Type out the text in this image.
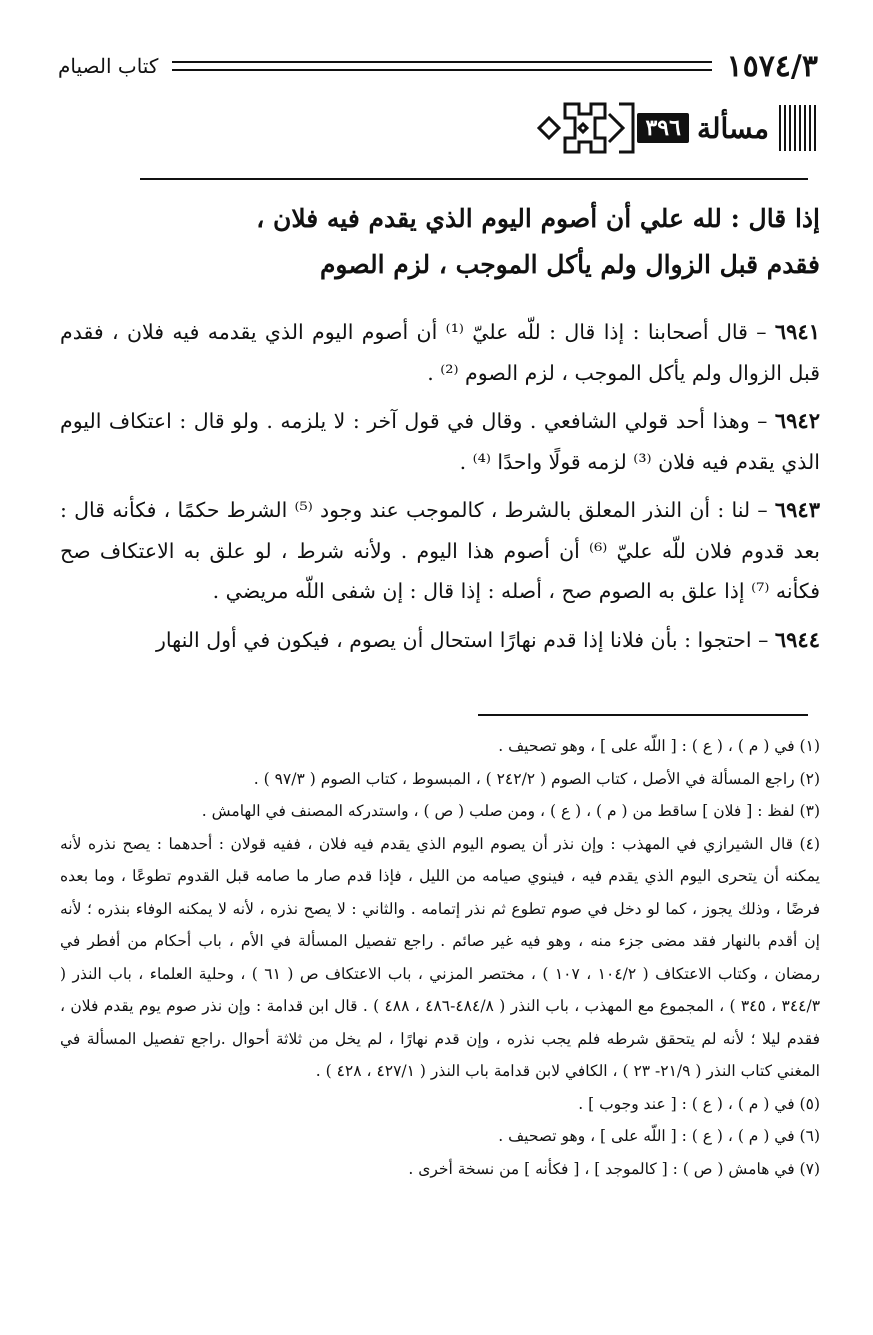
١٥٧٤/٣
كتاب الصيام
مسألة
٣٩٦
إذا قال : لله علي أن أصوم اليوم الذي يقدم فيه فلان ،
فقدم قبل الزوال ولم يأكل الموجب ، لزم الصوم

٦٩٤١ – قال أصحابنا : إذا قال : للّه عليّ ⁽¹⁾ أن أصوم اليوم الذي يقدمه فيه فلان ، فقدم قبل الزوال ولم يأكل الموجب ، لزم الصوم ⁽²⁾ .

٦٩٤٢ – وهذا أحد قولي الشافعي . وقال في قول آخر : لا يلزمه . ولو قال : اعتكاف اليوم الذي يقدم فيه فلان ⁽³⁾ لزمه قولًا واحدًا ⁽⁴⁾ .

٦٩٤٣ – لنا : أن النذر المعلق بالشرط ، كالموجب عند وجود ⁽⁵⁾ الشرط حكمًا ، فكأنه قال : بعد قدوم فلان للّه عليّ ⁽⁶⁾ أن أصوم هذا اليوم . ولأنه شرط ، لو علق به الاعتكاف صح فكأنه ⁽⁷⁾ إذا علق به الصوم صح ، أصله : إذا قال : إن شفى اللّه مريضي .

٦٩٤٤ – احتجوا : بأن فلانا إذا قدم نهارًا استحال أن يصوم ، فيكون في أول النهار

(١) في ( م ) ، ( ع ) : [ اللّه على ] ، وهو تصحيف .

(٢) راجع المسألة في الأصل ، كتاب الصوم ( ٢٤٢/٢ ) ، المبسوط ، كتاب الصوم ( ٩٧/٣ ) .

(٣) لفظ : [ فلان ] ساقط من ( م ) ، ( ع ) ، ومن صلب ( ص ) ، واستدركه المصنف في الهامش .

(٤) قال الشيرازي في المهذب : وإن نذر أن يصوم اليوم الذي يقدم فيه فلان ، ففيه قولان : أحدهما : يصح نذره لأنه يمكنه أن يتحرى اليوم الذي يقدم فيه ، فينوي صيامه من الليل ، فإذا قدم صار ما صامه قبل القدوم تطوعًا ، وما بعده فرضًا ، وذلك يجوز ، كما لو دخل في صوم تطوع ثم نذر إتمامه . والثاني : لا يصح نذره ، لأنه لا يمكنه الوفاء بنذره ؛ لأنه إن أقدم بالنهار فقد مضى جزء منه ، وهو فيه غير صائم . راجع تفصيل المسألة في الأم ، باب أحكام من أفطر في رمضان ، وكتاب الاعتكاف ( ١٠٤/٢ ، ١٠٧ ) ، مختصر المزني ، باب الاعتكاف ص ( ٦١ ) ، وحلية العلماء ، باب النذر ( ٣٤٤/٣ ، ٣٤٥ ) ، المجموع مع المهذب ، باب النذر ( ٤٨٤/٨-٤٨٦ ، ٤٨٨ ) . قال ابن قدامة : وإن نذر صوم يوم يقدم فلان ، فقدم ليلا ؛ لأنه لم يتحقق شرطه فلم يجب نذره ، وإن قدم نهارًا ، لم يخل من ثلاثة أحوال .راجع تفصيل المسألة في المغني كتاب النذر ( ٢١/٩- ٢٣ ) ، الكافي لابن قدامة باب النذر ( ٤٢٧/١ ، ٤٢٨ ) .

(٥) في ( م ) ، ( ع ) : [ عند وجوب ] .

(٦) في ( م ) ، ( ع ) : [ اللّه على ] ، وهو تصحيف .

(٧) في هامش ( ص ) : [ كالموجد ] ، [ فكأنه ] من نسخة أخرى .
